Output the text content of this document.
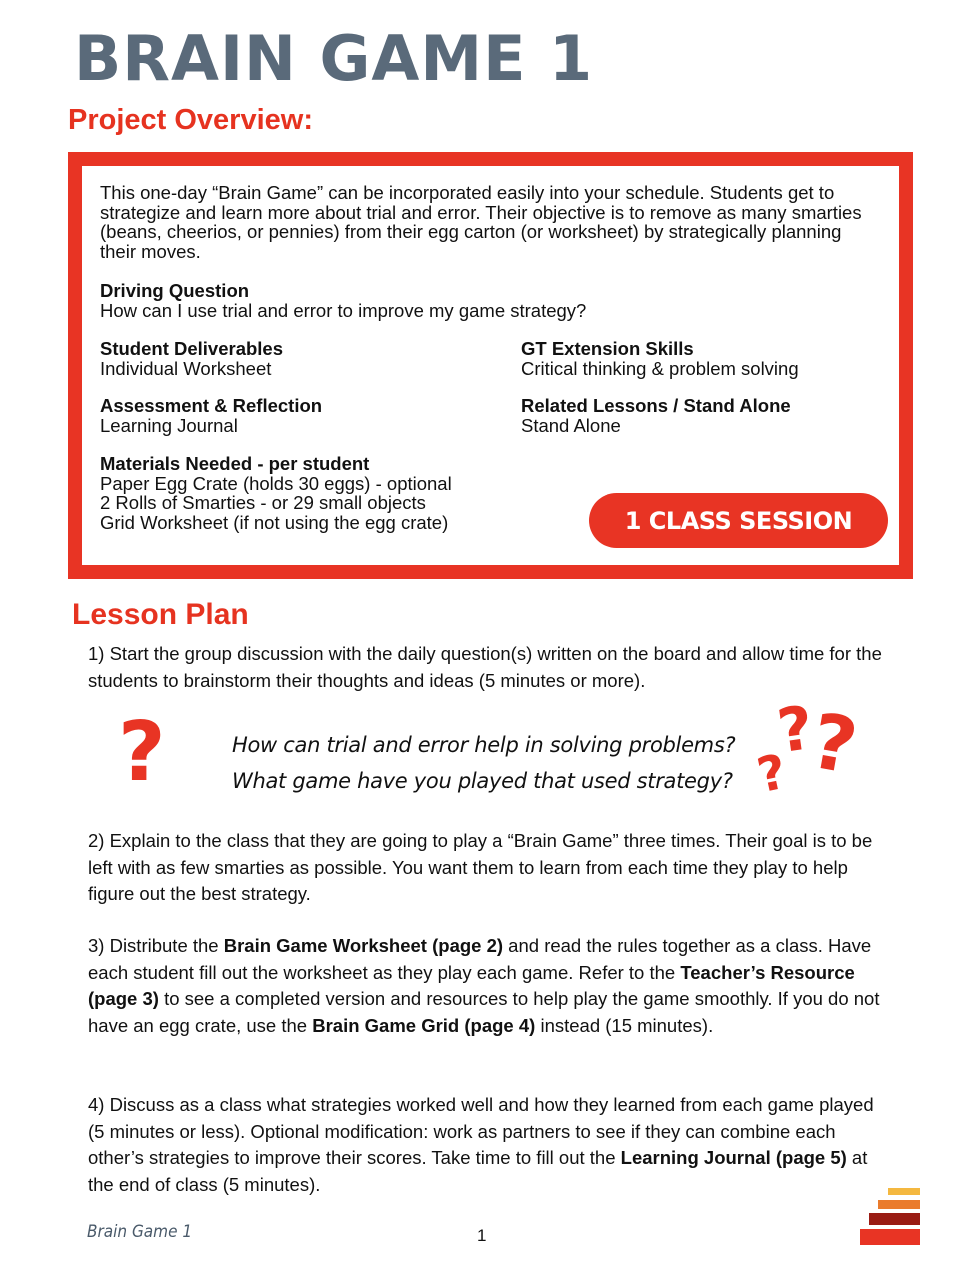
BRAIN GAME 1
Project Overview:
This one-day “Brain Game” can be incorporated easily into your schedule. Students get to strategize and learn more about trial and error. Their objective is to remove as many smarties (beans, cheerios, or pennies) from their egg carton (or worksheet) by strategically planning their moves.
Driving Question
How can I use trial and error to improve my game strategy?
Student Deliverables
Individual Worksheet
GT Extension Skills
Critical thinking & problem solving
Assessment & Reflection
Learning Journal
Related Lessons / Stand Alone
Stand Alone
Materials Needed - per student
Paper Egg Crate (holds 30 eggs) - optional
2 Rolls of Smarties - or 29 small objects
Grid Worksheet (if not using the egg crate)	1 CLASS SESSION
Lesson Plan
1) Start the group discussion with the daily question(s) written on the board and allow time for the students to brainstorm their thoughts and ideas (5 minutes or more).
?	How can trial and error help in solving problems?
What game have you played that used strategy?
?
?
?
2) Explain to the class that they are going to play a “Brain Game” three times. Their goal is to be left with as few smarties as possible. You want them to learn from each time they play to help figure out the best strategy.
3) Distribute the Brain Game Worksheet (page 2) and read the rules together as a class. Have each student fill out the worksheet as they play each game. Refer to the Teacher’s Resource (page 3) to see a completed version and resources to help play the game smoothly. If you do not have an egg crate, use the Brain Game Grid (page 4) instead (15 minutes).
4) Discuss as a class what strategies worked well and how they learned from each game played (5 minutes or less). Optional modification: work as partners to see if they can combine each other’s strategies to improve their scores. Take time to fill out the Learning Journal (page 5) at the end of class (5 minutes).
Brain Game 1	1
